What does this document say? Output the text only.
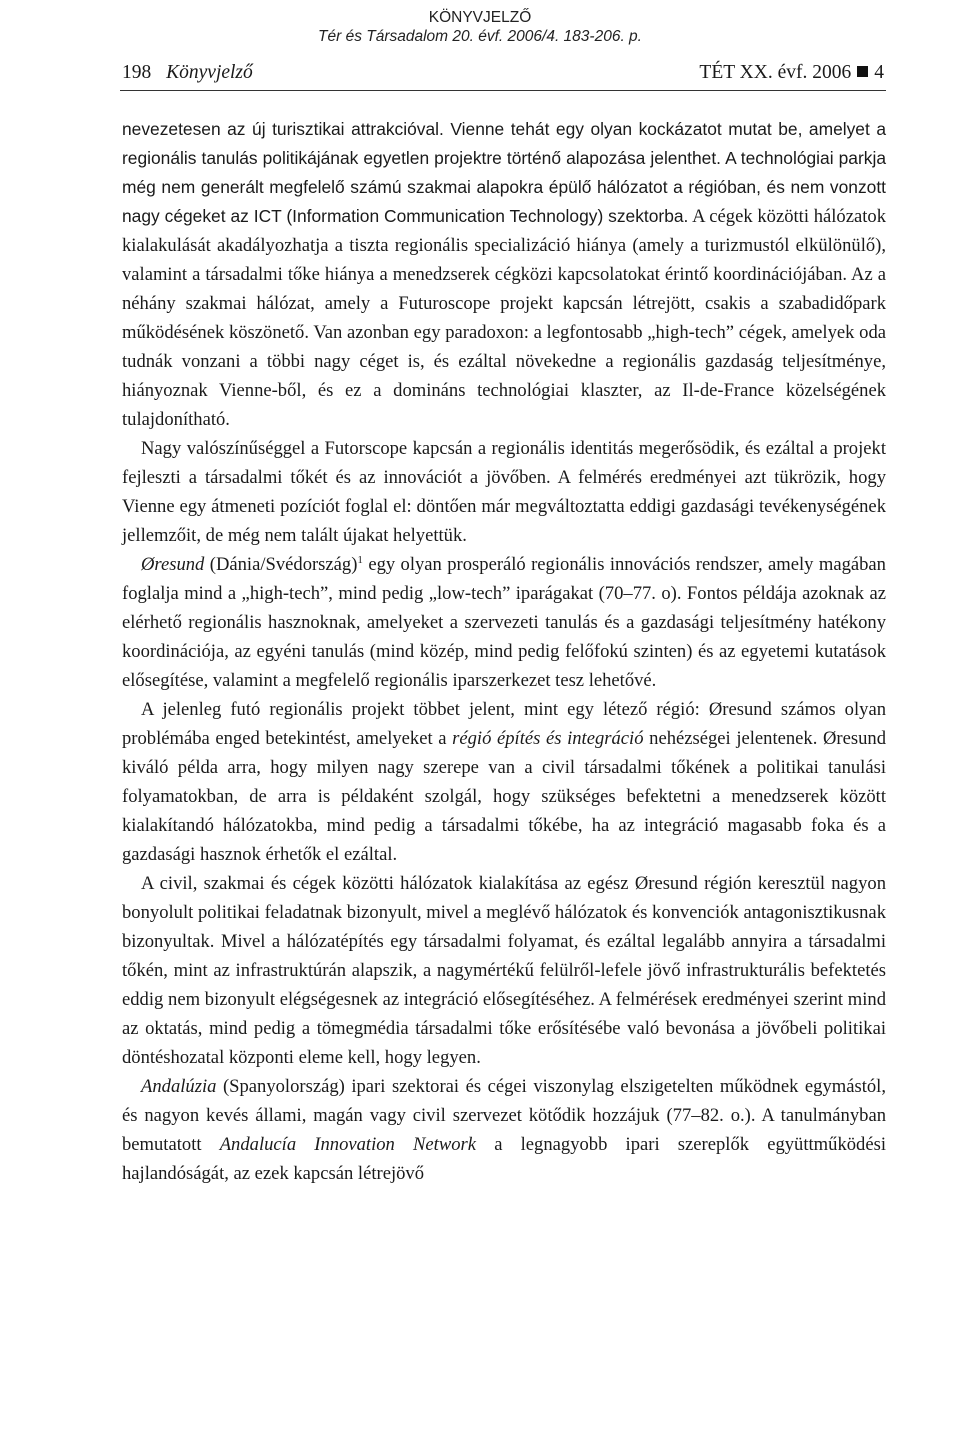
KÖNYVJELZŐ
Tér és Társadalom 20. évf. 2006/4. 183-206. p.
198 Könyvjelző	TÉT XX. évf. 2006 4

nevezetesen az új turisztikai attrakcióval. Vienne tehát egy olyan kockázatot mutat be, amelyet a regionális tanulás politikájának egyetlen projektre történő alapozása jelenthet. A technológiai parkja még nem generált megfelelő számú szakmai alapokra épülő hálózatot a régióban, és nem vonzott nagy cégeket az ICT (Information Communication Technology) szektorba. A cégek közötti hálózatok kialakulását akadályozhatja a tiszta regionális specializáció hiánya (amely a turizmustól elkülönülő), valamint a társadalmi tőke hiánya a menedzserek cégközi kapcsolatokat érintő koordinációjában. Az a néhány szakmai hálózat, amely a Futuroscope projekt kapcsán létrejött, csakis a szabadidőpark működésének köszönető. Van azonban egy paradoxon: a legfontosabb „high-tech” cégek, amelyek oda tudnák vonzani a többi nagy céget is, és ezáltal növekedne a regionális gazdaság teljesítménye, hiányoznak Vienne-ből, és ez a domináns technológiai klaszter, az Il-de-France közelségének tulajdonítható.

Nagy valószínűséggel a Futorscope kapcsán a regionális identitás megerősödik, és ezáltal a projekt fejleszti a társadalmi tőkét és az innovációt a jövőben. A felmérés eredményei azt tükrözik, hogy Vienne egy átmeneti pozíciót foglal el: döntően már megváltoztatta eddigi gazdasági tevékenységének jellemzőit, de még nem talált újakat helyettük.

Øresund (Dánia/Svédország)$^1$ egy olyan prosperáló regionális innovációs rendszer, amely magában foglalja mind a „high-tech”, mind pedig „low-tech” iparágakat (70–77. o). Fontos példája azoknak az elérhető regionális hasznoknak, amelyeket a szervezeti tanulás és a gazdasági teljesítmény hatékony koordinációja, az egyéni tanulás (mind közép, mind pedig felőfokú szinten) és az egyetemi kutatások elősegítése, valamint a megfelelő regionális iparszerkezet tesz lehetővé.

A jelenleg futó regionális projekt többet jelent, mint egy létező régió: Øresund számos olyan problémába enged betekintést, amelyeket a régió építés és integráció nehézségei jelentenek. Øresund kiváló példa arra, hogy milyen nagy szerepe van a civil társadalmi tőkének a politikai tanulási folyamatokban, de arra is példaként szolgál, hogy szükséges befektetni a menedzserek között kialakítandó hálózatokba, mind pedig a társadalmi tőkébe, ha az integráció magasabb foka és a gazdasági hasznok érhetők el ezáltal.

A civil, szakmai és cégek közötti hálózatok kialakítása az egész Øresund régión keresztül nagyon bonyolult politikai feladatnak bizonyult, mivel a meglévő hálózatok és konvenciók antagonisztikusnak bizonyultak. Mivel a hálózatépítés egy társadalmi folyamat, és ezáltal legalább annyira a társadalmi tőkén, mint az infrastruktúrán alapszik, a nagymértékű felülről-lefele jövő infrastrukturális befektetés eddig nem bizonyult elégségesnek az integráció elősegítéséhez. A felmérések eredményei szerint mind az oktatás, mind pedig a tömegmédia társadalmi tőke erősítésébe való bevonása a jövőbeli politikai döntéshozatal központi eleme kell, hogy legyen.

Andalúzia (Spanyolország) ipari szektorai és cégei viszonylag elszigetelten működnek egymástól, és nagyon kevés állami, magán vagy civil szervezet kötődik hozzájuk (77–82. o.). A tanulmányban bemutatott Andalucía Innovation Network a legnagyobb ipari szereplők együttműködési hajlandóságát, az ezek kapcsán létrejövő
